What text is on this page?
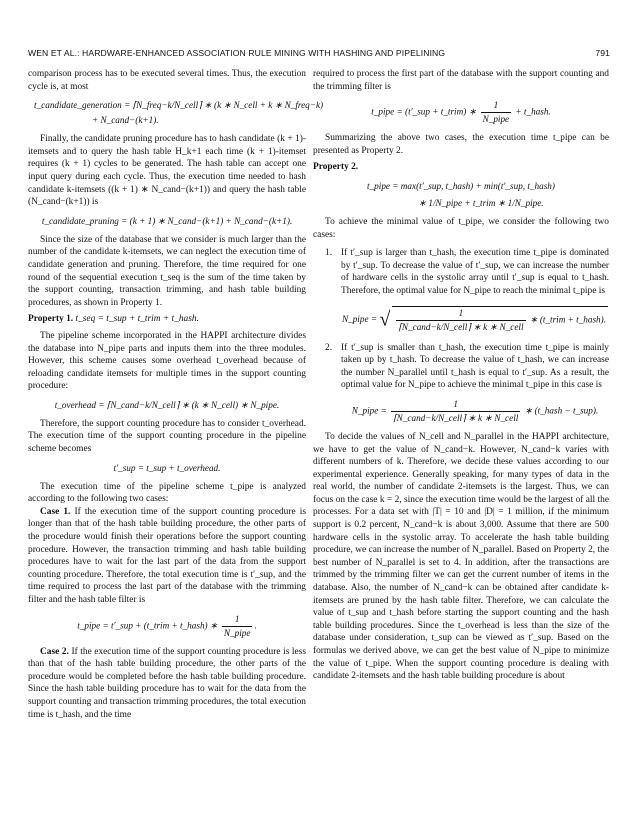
WEN ET AL.: HARDWARE-ENHANCED ASSOCIATION RULE MINING WITH HASHING AND PIPELINING	791

comparison process has to be executed several times. Thus, the execution cycle is, at most

t_candidate_generation = ⌈N_freq−k/N_cell⌉ ∗ (k ∗ N_cell + k ∗ N_freq−k)
+ N_cand−(k+1).

Finally, the candidate pruning procedure has to hash candidate (k + 1)-itemsets and to query the hash table H_k+1 each time (k + 1)-itemset requires (k + 1) cycles to be generated. The hash table can accept one input query during each cycle. Thus, the execution time needed to hash candidate k-itemsets ((k + 1) ∗ N_cand−(k+1)) and query the hash table (N_cand−(k+1)) is

t_candidate_pruning = (k + 1) ∗ N_cand−(k+1) + N_cand−(k+1).

Since the size of the database that we consider is much larger than the number of the candidate k-itemsets, we can neglect the execution time of candidate generation and pruning. Therefore, the time required for one round of the sequential execution t_seq is the sum of the time taken by the support counting, transaction trimming, and hash table building procedures, as shown in Property 1.

Property 1. t_seq = t_sup + t_trim + t_hash.

The pipeline scheme incorporated in the HAPPI architecture divides the database into N_pipe parts and inputs them into the three modules. However, this scheme causes some overhead t_overhead because of reloading candidate itemsets for multiple times in the support counting procedure:

t_overhead = ⌈N_cand−k/N_cell⌉ ∗ (k ∗ N_cell) ∗ N_pipe.

Therefore, the support counting procedure has to consider t_overhead. The execution time of the support counting procedure in the pipeline scheme becomes

t′_sup = t_sup + t_overhead.

The execution time of the pipeline scheme t_pipe is analyzed according to the following two cases:

Case 1. If the execution time of the support counting procedure is longer than that of the hash table building procedure, the other parts of the procedure would finish their operations before the support counting procedure. However, the transaction trimming and hash table building procedures have to wait for the last part of the data from the support counting procedure. Therefore, the total execution time is t′_sup, and the time required to process the last part of the database with the trimming filter and the hash table filter is

t_pipe = t′_sup + (t_trim + t_hash) ∗ $\frac{1}{\text{N\_pipe}}$ .

Case 2. If the execution time of the support counting procedure is less than that of the hash table building procedure, the other parts of the procedure would be completed before the hash table building procedure. Since the hash table building procedure has to wait for the data from the support counting and transaction trimming procedures, the total execution time is t_hash, and the time

required to process the first part of the database with the support counting and the trimming filter is

t_pipe = (t′_sup + t_trim) ∗ $\frac{1}{\text{N\_pipe}}$ + t_hash.

Summarizing the above two cases, the execution time t_pipe can be presented as Property 2.

Property 2.
t_pipe = max(t′_sup, t_hash) + min(t′_sup, t_hash)
∗ 1/N_pipe + t_trim ∗ 1/N_pipe.

To achieve the minimal value of t_pipe, we consider the following two cases:

1. If t′_sup is larger than t_hash, the execution time t_pipe is dominated by t′_sup. To decrease the value of t′_sup, we can increase the number of hardware cells in the systolic array until t′_sup is equal to t_hash. Therefore, the optimal value for N_pipe to reach the minimal t_pipe is
N_pipe = √ $\frac{1}{\text{⌈N\_cand−k/N\_cell⌉ ∗ k ∗ N\_cell}}$ ∗ (t_trim + t_hash).
2. If t′_sup is smaller than t_hash, the execution time t_pipe is mainly taken up by t_hash. To decrease the value of t_hash, we can increase the number N_parallel until t_hash is equal to t′_sup. As a result, the optimal value for N_pipe to achieve the minimal t_pipe in this case is
N_pipe = $\frac{1}{\text{⌈N\_cand−k/N\_cell⌉ ∗ k ∗ N\_cell}}$ ∗ (t_hash − t_sup).

To decide the values of N_cell and N_parallel in the HAPPI architecture, we have to get the value of N_cand−k. However, N_cand−k varies with different numbers of k. Therefore, we decide these values according to our experimental experience. Generally speaking, for many types of data in the real world, the number of candidate 2-itemsets is the largest. Thus, we can focus on the case k = 2, since the execution time would be the largest of all the processes. For a data set with |T| = 10 and |D| = 1 million, if the minimum support is 0.2 percent, N_cand−k is about 3,000. Assume that there are 500 hardware cells in the systolic array. To accelerate the hash table building procedure, we can increase the number of N_parallel. Based on Property 2, the best number of N_parallel is set to 4. In addition, after the transactions are trimmed by the trimming filter we can get the current number of items in the database. Also, the number of N_cand−k can be obtained after candidate k-itemsets are pruned by the hash table filter. Therefore, we can calculate the value of t_sup and t_hash before starting the support counting and the hash table building procedures. Since the t_overhead is less than the size of the database under consideration, t_sup can be viewed as t′_sup. Based on the formulas we derived above, we can get the best value of N_pipe to minimize the value of t_pipe. When the support counting procedure is dealing with candidate 2-itemsets and the hash table building procedure is about
